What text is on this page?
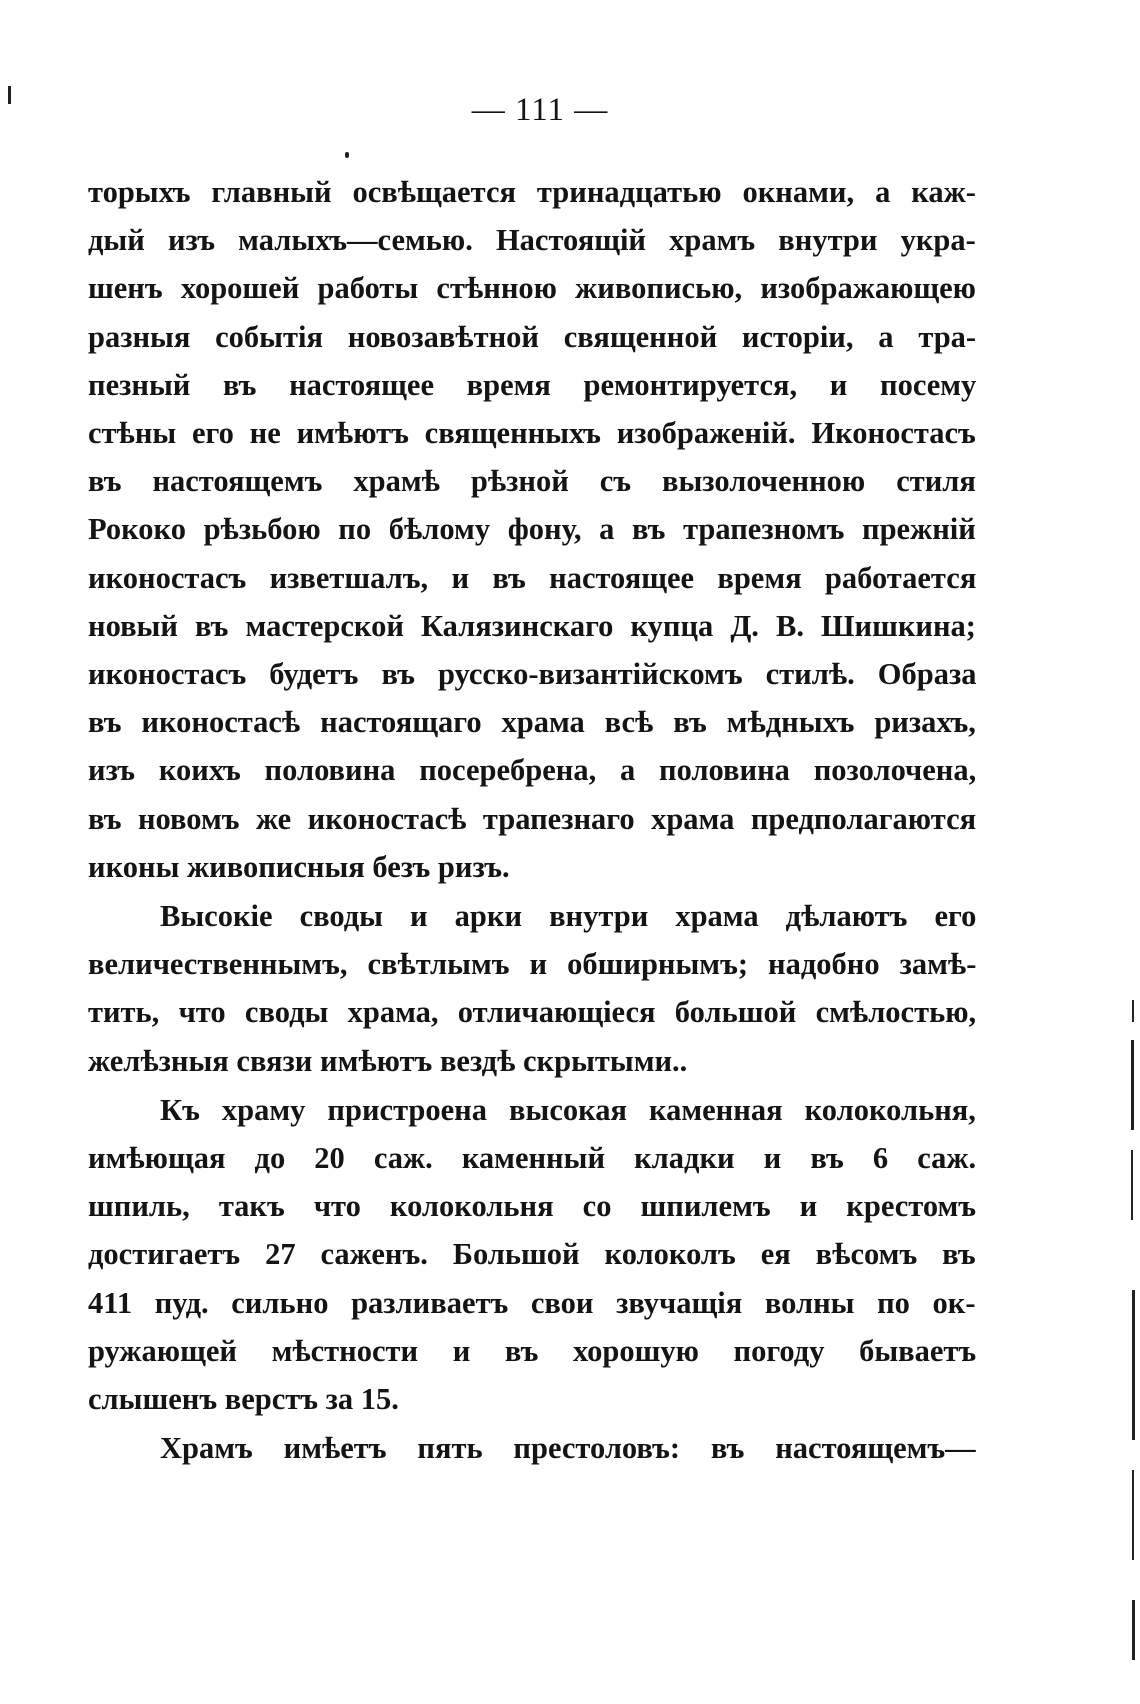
— 111 —

торыхъ главный освѣщается тринадцатью окнами, а каж-
дый изъ малыхъ—семью. Настоящій храмъ внутри укра-
шенъ хорошей работы стѣнною живописью, изображающею
разныя событія новозавѣтной священной исторіи, а тра-
пезный въ настоящее время ремонтируется, и посему
стѣны его не имѣютъ священныхъ изображеній. Иконостасъ
въ настоящемъ храмѣ рѣзной съ вызолоченною стиля
Рококо рѣзьбою по бѣлому фону, а въ трапезномъ прежній
иконостасъ изветшалъ, и въ настоящее время работается
новый въ мастерской Калязинскаго купца Д. В. Шишкина;
иконостасъ будетъ въ русско-византійскомъ стилѣ. Образа
въ иконостасѣ настоящаго храма всѣ въ мѣдныхъ ризахъ,
изъ коихъ половина посеребрена, а половина позолочена,
въ новомъ же иконостасѣ трапезнаго храма предполагаются
иконы живописныя безъ ризъ.

Высокіе своды и арки внутри храма дѣлаютъ его
величественнымъ, свѣтлымъ и обширнымъ; надобно замѣ-
тить, что своды храма, отличающіеся большой смѣлостью,
желѣзныя связи имѣютъ вездѣ скрытыми..

Къ храму пристроена высокая каменная колокольня,
имѣющая до 20 саж. каменный кладки и въ 6 саж.
шпиль, такъ что колокольня со шпилемъ и крестомъ
достигаетъ 27 саженъ. Большой колоколъ ея вѣсомъ въ
411 пуд. сильно разливаетъ свои звучащія волны по ок-
ружающей мѣстности и въ хорошую погоду бываетъ
слышенъ верстъ за 15.

Храмъ имѣетъ пять престоловъ: въ настоящемъ—
